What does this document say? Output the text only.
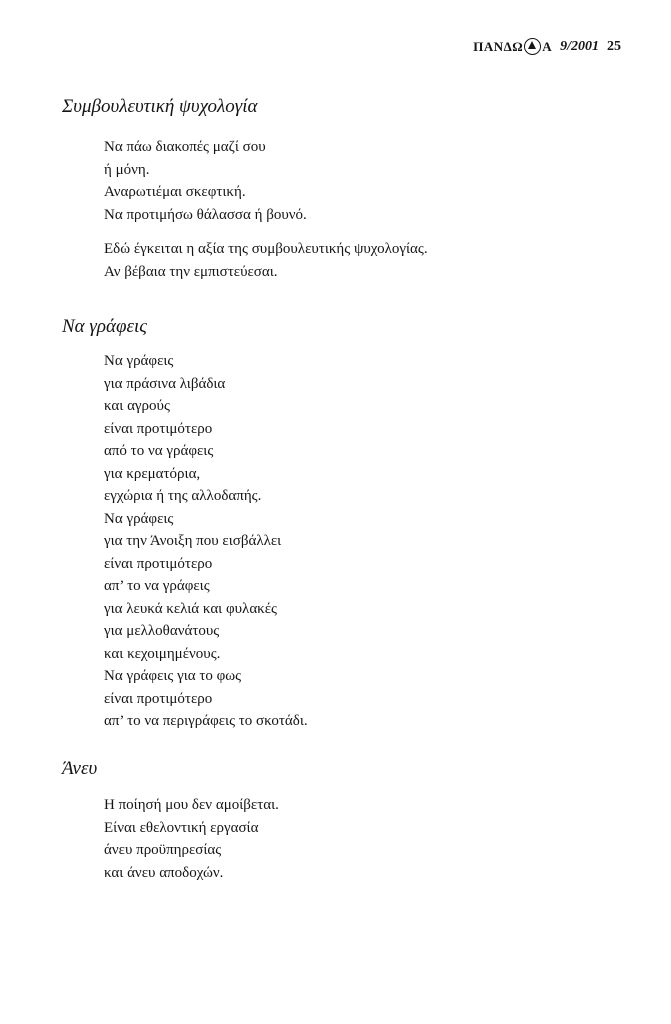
ΠΑΝΔΩ Α 9/2001 25
Συμβουλευτική ψυχολογία
Να πάω διακοπές μαζί σου
ή μόνη.
Αναρωτιέμαι σκεφτική.
Να προτιμήσω θάλασσα ή βουνό.
Εδώ έγκειται η αξία της συμβουλευτικής ψυχολογίας.
Αν βέβαια την εμπιστεύεσαι.
Να γράφεις
Να γράφεις
για πράσινα λιβάδια
και αγρούς
είναι προτιμότερο
από το να γράφεις
για κρεματόρια,
εγχώρια ή της αλλοδαπής.
Να γράφεις
για την Άνοιξη που εισβάλλει
είναι προτιμότερο
απ’ το να γράφεις
για λευκά κελιά και φυλακές
για μελλοθανάτους
και κεχοιμημένους.
Να γράφεις για το φως
είναι προτιμότερο
απ’ το να περιγράφεις το σκοτάδι.
Άνευ
Η ποίησή μου δεν αμοίβεται.
Είναι εθελοντική εργασία
άνευ προϋπηρεσίας
και άνευ αποδοχών.
